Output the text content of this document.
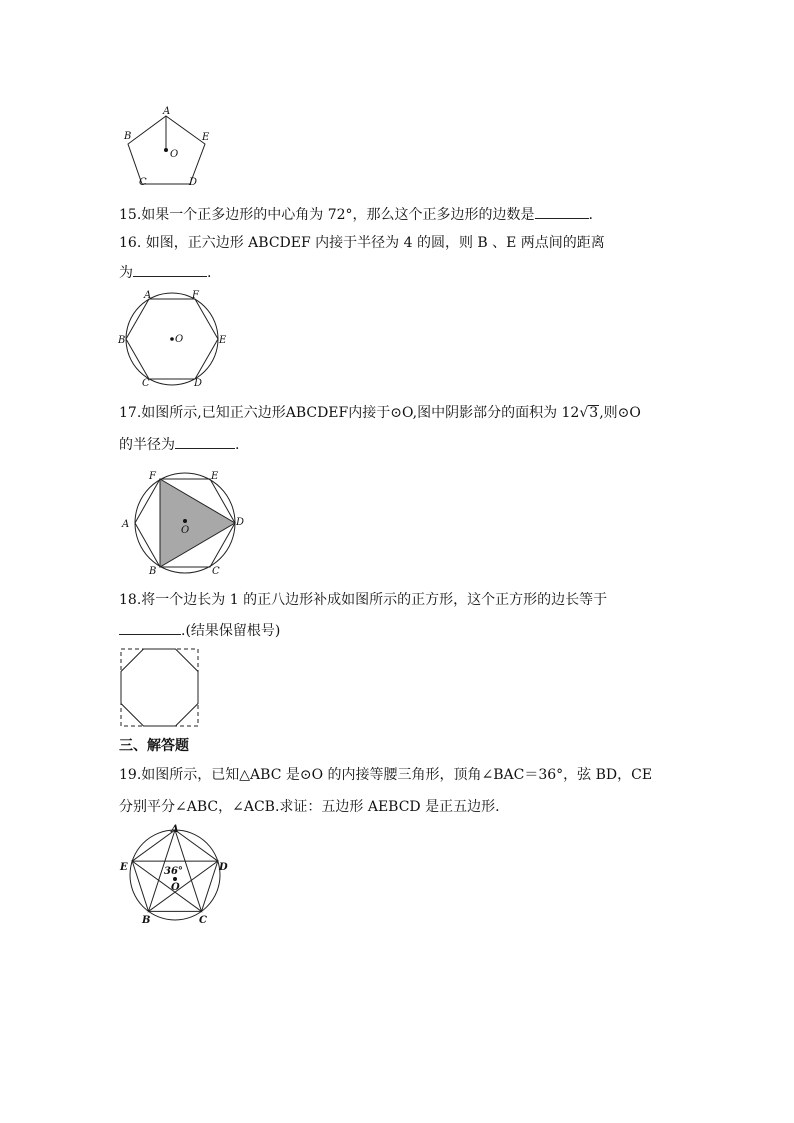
A
B	E
O
C	D
15.如果一个正多边形的中心角为 72°，那么这个正多边形的边数是	.
16. 如图，正六边形 ABCDEF 内接于半径为 4 的圆，则 B 、E 两点间的距离
为	.
O
A	F
B	E
C	D
17.如图所示,已知正六边形ABCDEF内接于⊙O,图中阴影部分的面积为 12√3,则⊙O
的半径为	.
O
F	E
A	D
B	C
18.将一个边长为 1 的正八边形补成如图所示的正方形，这个正方形的边长等于
.(结果保留根号)
三、解答题
19.如图所示，已知△ABC 是⊙O 的内接等腰三角形，顶角∠BAC＝36°，弦 BD，CE
分别平分∠ABC，∠ACB.求证：五边形 AEBCD 是正五边形.
36°
O
A
E	D
B	C
